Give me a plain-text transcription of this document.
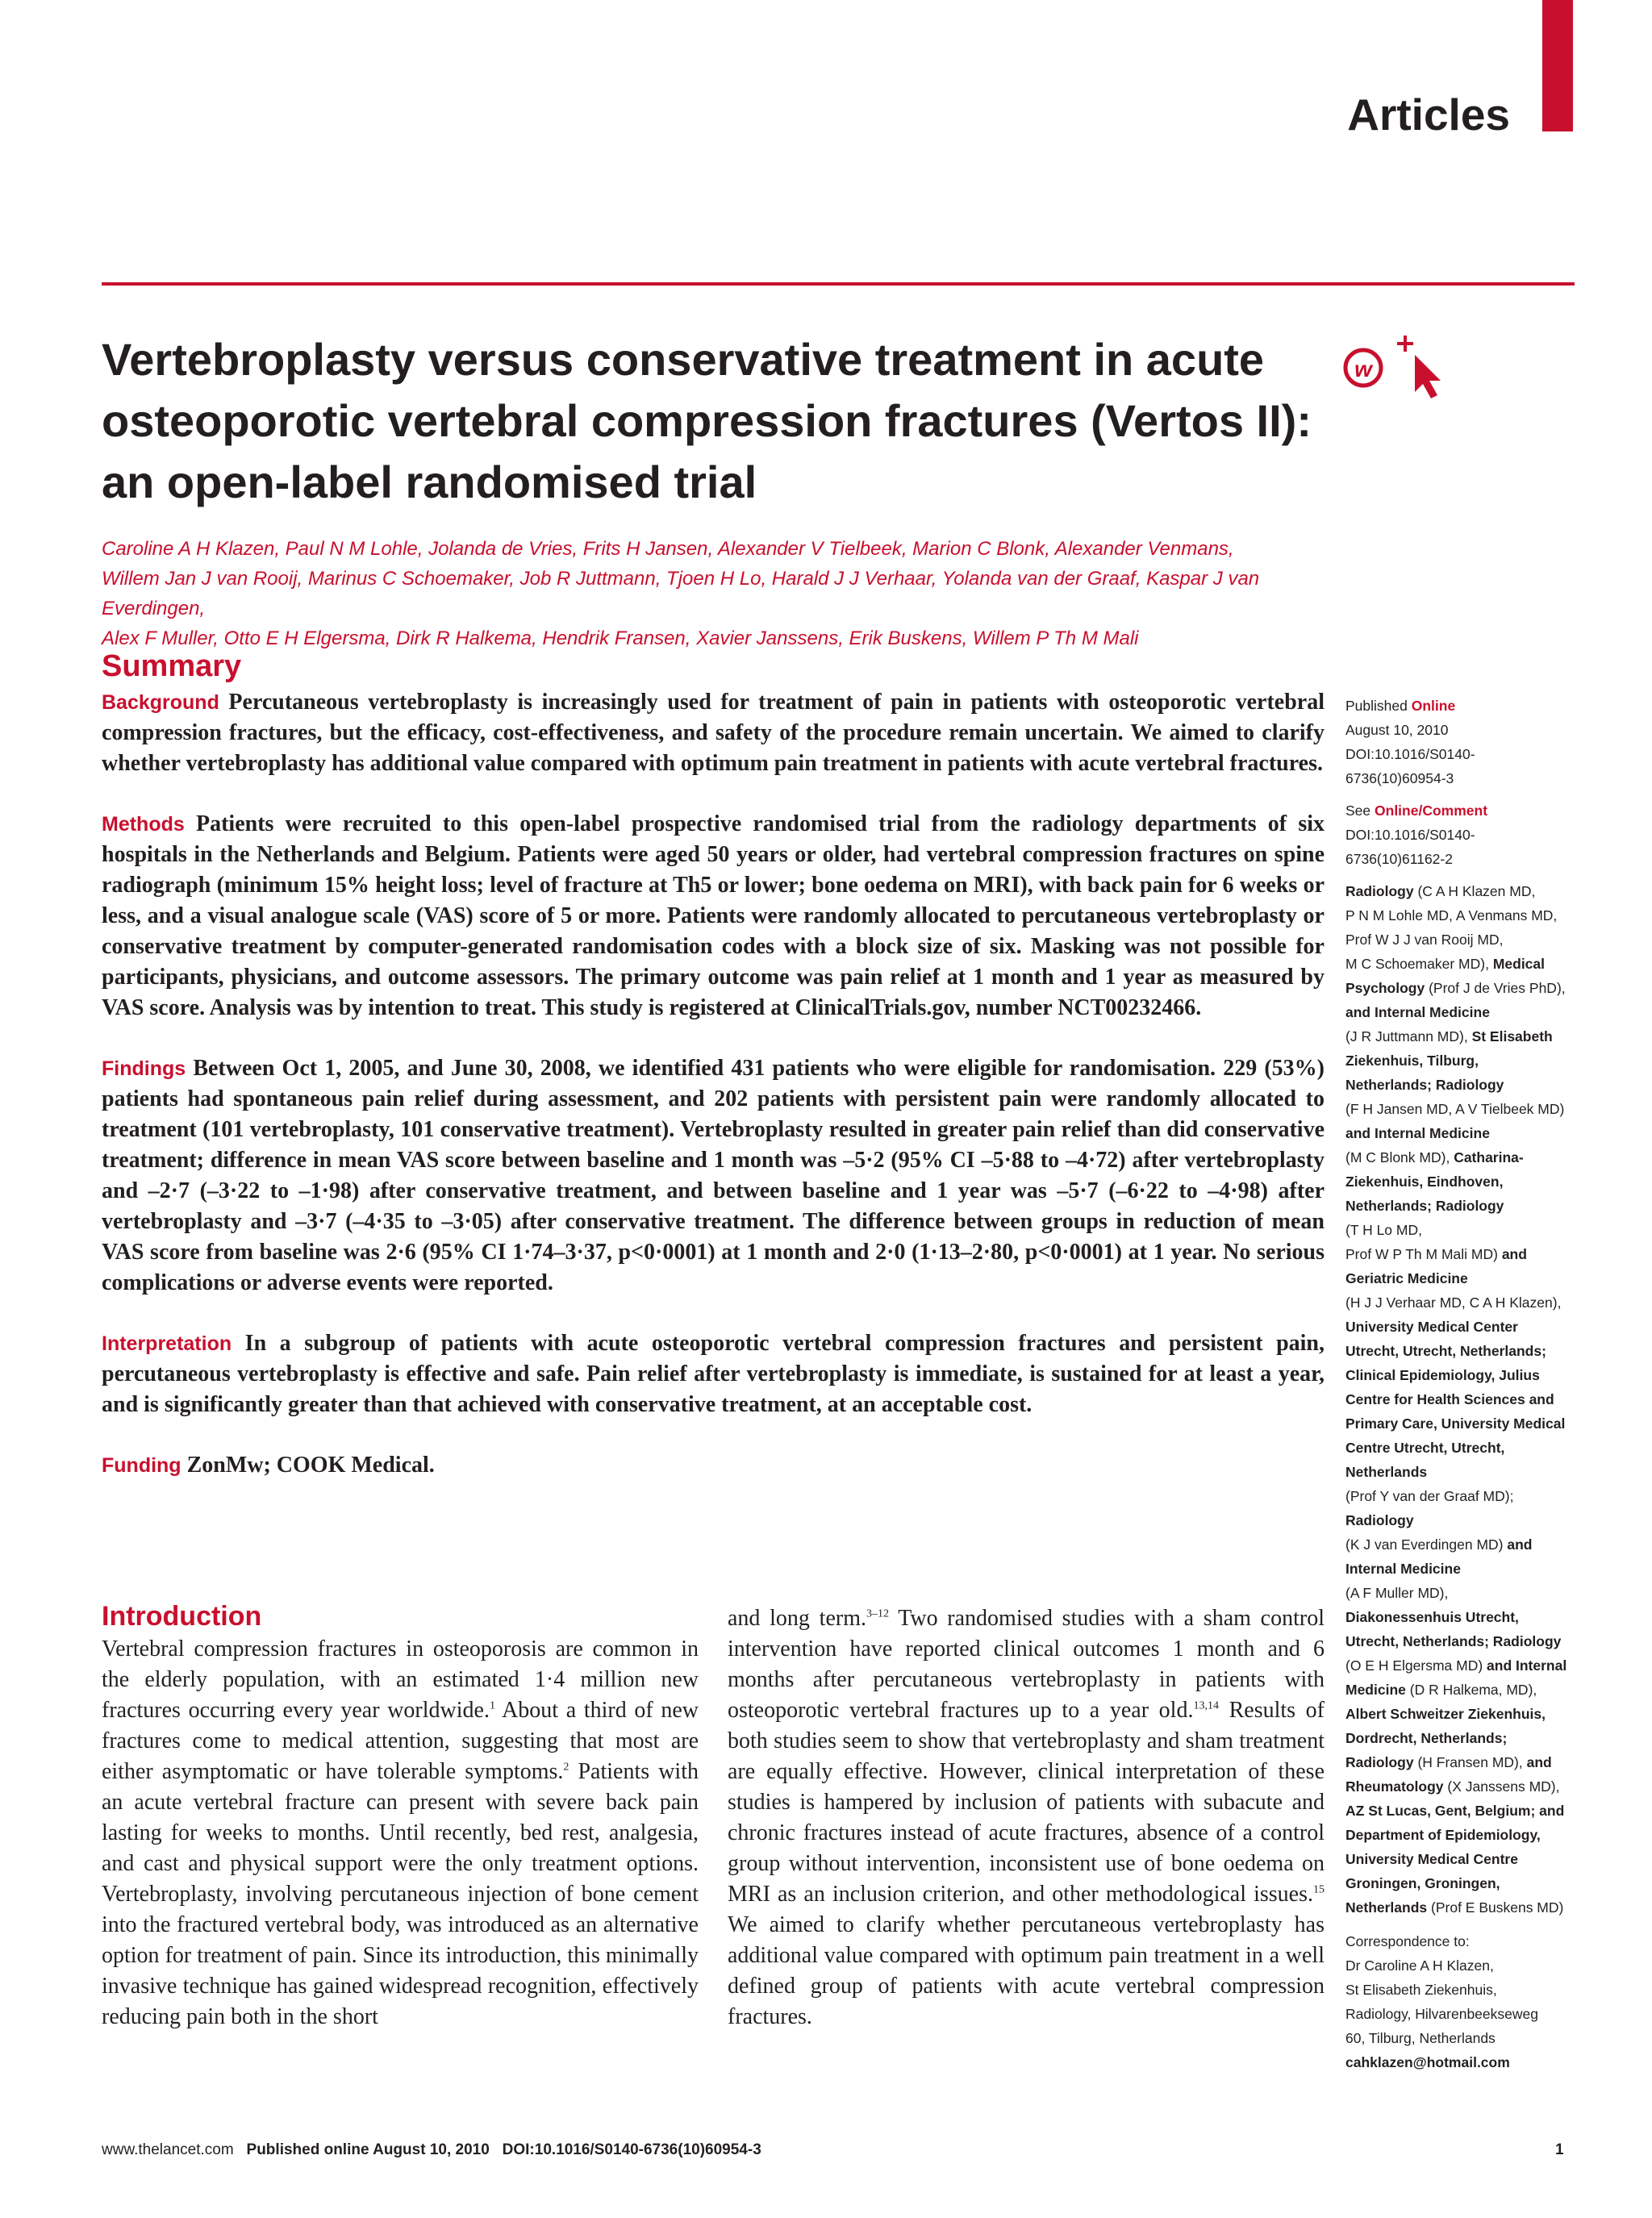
Articles
Vertebroplasty versus conservative treatment in acute
osteoporotic vertebral compression fractures (Vertos II):
an open-label randomised trial
w
Caroline A H Klazen, Paul N M Lohle, Jolanda de Vries, Frits H Jansen, Alexander V Tielbeek, Marion C Blonk, Alexander Venmans,
Willem Jan J van Rooij, Marinus C Schoemaker, Job R Juttmann, Tjoen H Lo, Harald J J Verhaar, Yolanda van der Graaf, Kaspar J van Everdingen,
Alex F Muller, Otto E H Elgersma, Dirk R Halkema, Hendrik Fransen, Xavier Janssens, Erik Buskens, Willem P Th M Mali
Summary

Background Percutaneous vertebroplasty is increasingly used for treatment of pain in patients with osteoporotic vertebral compression fractures, but the efficacy, cost-effectiveness, and safety of the procedure remain uncertain. We aimed to clarify whether vertebroplasty has additional value compared with optimum pain treatment in patients with acute vertebral fractures.

Methods Patients were recruited to this open-label prospective randomised trial from the radiology departments of six hospitals in the Netherlands and Belgium. Patients were aged 50 years or older, had vertebral compression fractures on spine radiograph (minimum 15% height loss; level of fracture at Th5 or lower; bone oedema on MRI), with back pain for 6 weeks or less, and a visual analogue scale (VAS) score of 5 or more. Patients were randomly allocated to percutaneous vertebroplasty or conservative treatment by computer-generated randomisation codes with a block size of six. Masking was not possible for participants, physicians, and outcome assessors. The primary outcome was pain relief at 1 month and 1 year as measured by VAS score. Analysis was by intention to treat. This study is registered at ClinicalTrials.gov, number NCT00232466.

Findings Between Oct 1, 2005, and June 30, 2008, we identified 431 patients who were eligible for randomisation. 229 (53%) patients had spontaneous pain relief during assessment, and 202 patients with persistent pain were randomly allocated to treatment (101 vertebroplasty, 101 conservative treatment). Vertebroplasty resulted in greater pain relief than did conservative treatment; difference in mean VAS score between baseline and 1 month was –5·2 (95% CI –5·88 to –4·72) after vertebroplasty and –2·7 (–3·22 to –1·98) after conservative treatment, and between baseline and 1 year was –5·7 (–6·22 to –4·98) after vertebroplasty and –3·7 (–4·35 to –3·05) after conservative treatment. The difference between groups in reduction of mean VAS score from baseline was 2·6 (95% CI 1·74–3·37, p<0·0001) at 1 month and 2·0 (1·13–2·80, p<0·0001) at 1 year. No serious complications or adverse events were reported.

Interpretation In a subgroup of patients with acute osteoporotic vertebral compression fractures and persistent pain, percutaneous vertebroplasty is effective and safe. Pain relief after vertebroplasty is immediate, is sustained for at least a year, and is significantly greater than that achieved with conservative treatment, at an acceptable cost.

Funding ZonMw; COOK Medical.

Introduction

Vertebral compression fractures in osteoporosis are common in the elderly population, with an estimated 1·4 million new fractures occurring every year worldwide.$^1$ About a third of new fractures come to medical attention, suggesting that most are either asymptomatic or have tolerable symptoms.$^2$ Patients with an acute vertebral fracture can present with severe back pain lasting for weeks to months. Until recently, bed rest, analgesia, and cast and physical support were the only treatment options. Vertebroplasty, involving percutaneous injection of bone cement into the fractured vertebral body, was introduced as an alternative option for treatment of pain. Since its introduction, this minimally invasive technique has gained widespread recognition, effectively reducing pain both in the short

and long term.$^{3-12}$ Two randomised studies with a sham control intervention have reported clinical outcomes 1 month and 6 months after percutaneous vertebroplasty in patients with osteoporotic vertebral fractures up to a year old.$^{13,14}$ Results of both studies seem to show that vertebroplasty and sham treatment are equally effective. However, clinical interpretation of these studies is hampered by inclusion of patients with subacute and chronic fractures instead of acute fractures, absence of a control group without intervention, inconsistent use of bone oedema on MRI as an inclusion criterion, and other methodological issues.$^{15}$ We aimed to clarify whether percutaneous vertebroplasty has additional value compared with optimum pain treatment in a well defined group of patients with acute vertebral compression fractures.

Published Online
August 10, 2010
DOI:10.1016/S0140-
6736(10)60954-3
See Online/Comment
DOI:10.1016/S0140-
6736(10)61162-2
Radiology (C A H Klazen MD,
P N M Lohle MD, A Venmans MD,
Prof W J J van Rooij MD,
M C Schoemaker MD), Medical
Psychology (Prof J de Vries PhD),
and Internal Medicine
(J R Juttmann MD), St Elisabeth
Ziekenhuis, Tilburg,
Netherlands; Radiology
(F H Jansen MD, A V Tielbeek MD)
and Internal Medicine
(M C Blonk MD), Catharina-
Ziekenhuis, Eindhoven,
Netherlands; Radiology
(T H Lo MD,
Prof W P Th M Mali MD) and
Geriatric Medicine
(H J J Verhaar MD, C A H Klazen),
University Medical Center
Utrecht, Utrecht, Netherlands;
Clinical Epidemiology, Julius
Centre for Health Sciences and
Primary Care, University Medical
Centre Utrecht, Utrecht,
Netherlands
(Prof Y van der Graaf MD);
Radiology
(K J van Everdingen MD) and
Internal Medicine
(A F Muller MD),
Diakonessenhuis Utrecht,
Utrecht, Netherlands; Radiology
(O E H Elgersma MD) and Internal
Medicine (D R Halkema, MD),
Albert Schweitzer Ziekenhuis,
Dordrecht, Netherlands;
Radiology (H Fransen MD), and
Rheumatology (X Janssens MD),
AZ St Lucas, Gent, Belgium; and
Department of Epidemiology,
University Medical Centre
Groningen, Groningen,
Netherlands (Prof E Buskens MD)
Correspondence to:
Dr Caroline A H Klazen,
St Elisabeth Ziekenhuis,
Radiology, Hilvarenbeekseweg
60, Tilburg, Netherlands
cahklazen@hotmail.com
www.thelancet.com Published online August 10, 2010 DOI:10.1016/S0140-6736(10)60954-3	1
